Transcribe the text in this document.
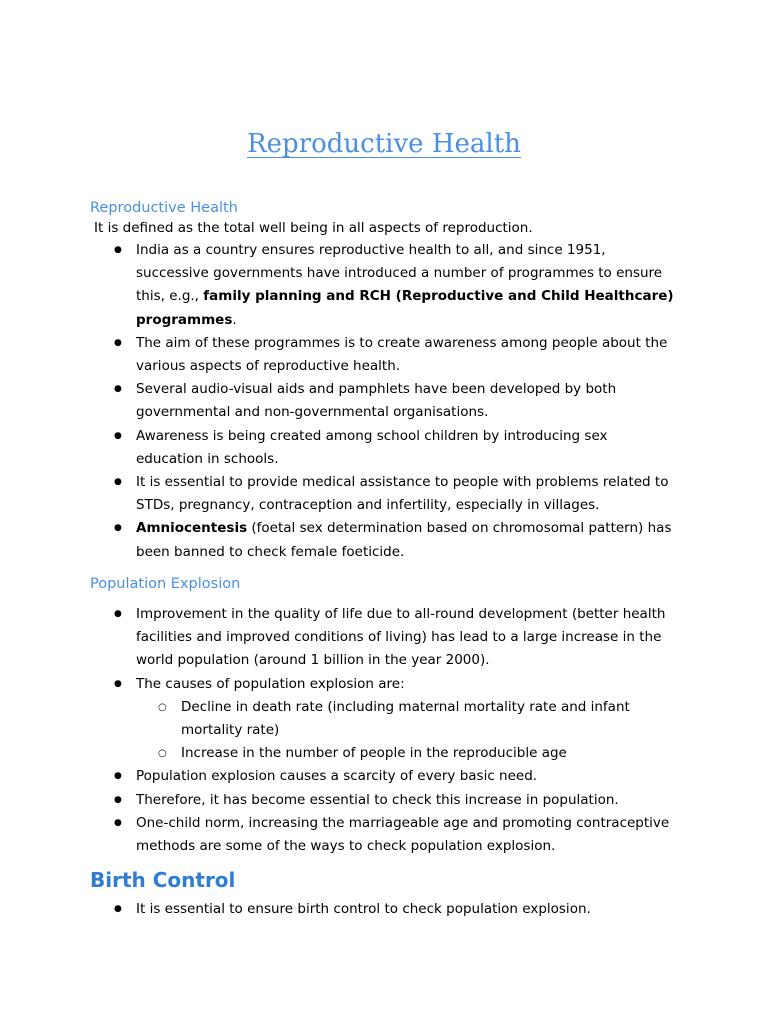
Reproductive Health
Reproductive Health

It is defined as the total well being in all aspects of reproduction.

● India as a country ensures reproductive health to all, and since 1951, successive governments have introduced a number of programmes to ensure this, e.g., family planning and RCH (Reproductive and Child Healthcare) programmes.
● The aim of these programmes is to create awareness among people about the various aspects of reproductive health.
● Several audio-visual aids and pamphlets have been developed by both governmental and non-governmental organisations.
● Awareness is being created among school children by introducing sex education in schools.
● It is essential to provide medical assistance to people with problems related to STDs, pregnancy, contraception and infertility, especially in villages.
● Amniocentesis (foetal sex determination based on chromosomal pattern) has been banned to check female foeticide.
Population Explosion
● Improvement in the quality of life due to all-round development (better health facilities and improved conditions of living) has lead to a large increase in the world population (around 1 billion in the year 2000).
● The causes of population explosion are:
○ Decline in death rate (including maternal mortality rate and infant mortality rate)
○ Increase in the number of people in the reproducible age
● Population explosion causes a scarcity of every basic need.
● Therefore, it has become essential to check this increase in population.
● One-child norm, increasing the marriageable age and promoting contraceptive methods are some of the ways to check population explosion.
Birth Control
● It is essential to ensure birth control to check population explosion.
